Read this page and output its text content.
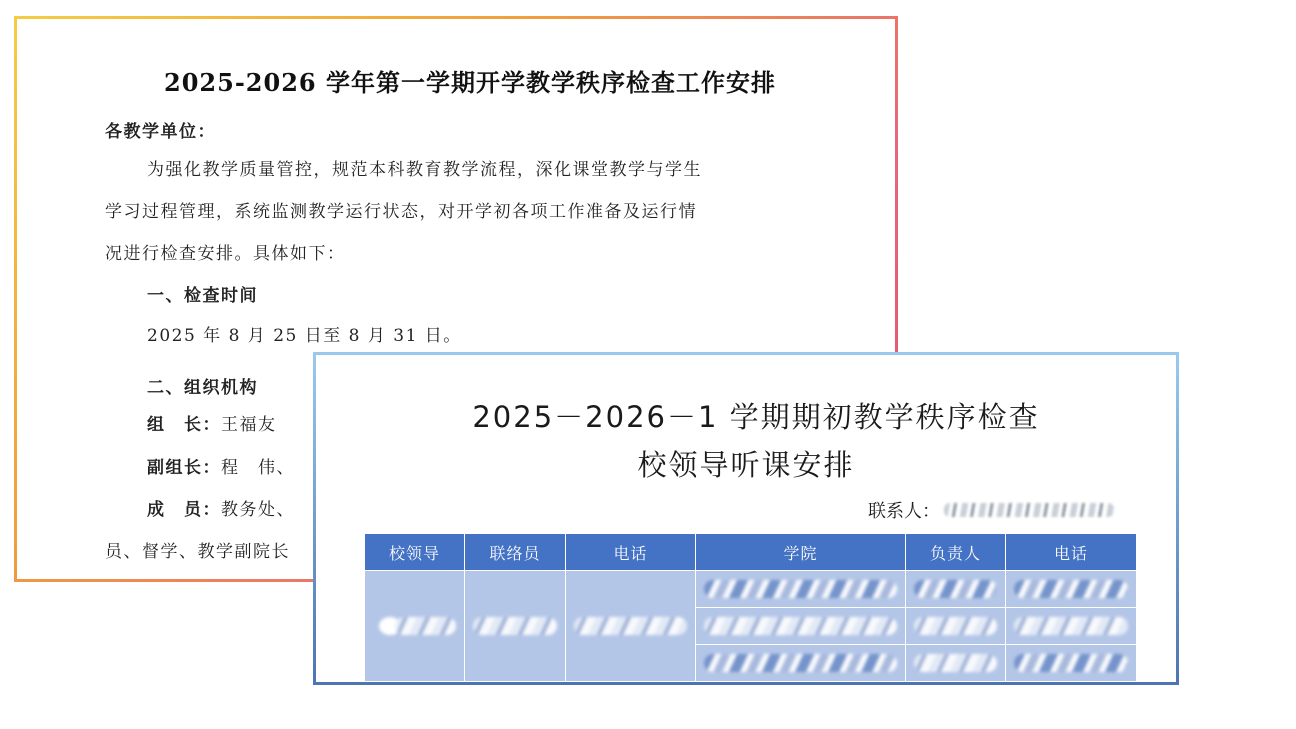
2025-2026 学年第一学期开学教学秩序检查工作安排
各教学单位：
为强化教学质量管控，规范本科教育教学流程，深化课堂教学与学生
学习过程管理，系统监测教学运行状态，对开学初各项工作准备及运行情
况进行检查安排。具体如下：
一、检查时间
2025 年 8 月 25 日至 8 月 31 日。
二、组织机构
组　长：王福友
副组长：程　伟、
成　员：教务处、
员、督学、教学副院长
2025－2026－1 学期期初教学秩序检查
校领导听课安排
联系人：
校领导	联络员	电话	学院	负责人	电话
